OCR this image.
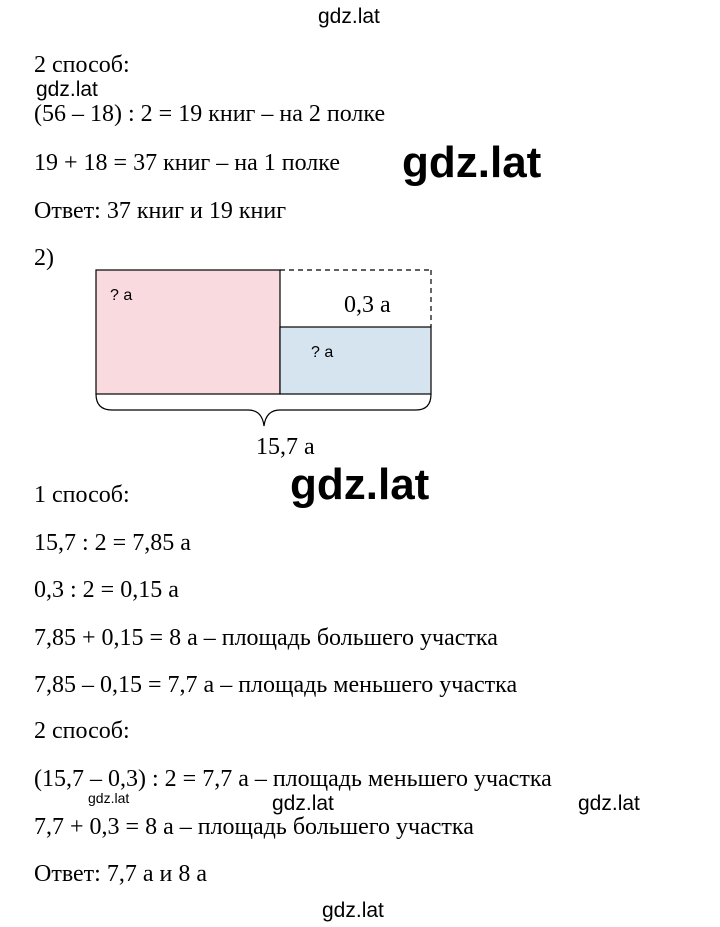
gdz.lat
gdz.lat
2 способ:
(56 – 18) : 2 = 19 книг – на 2 полке
19 + 18 = 37 книг – на 1 полке gdz.lat
Ответ: 37 книг и 19 книг
2)
? а	0,3 а
? а
15,7 а
gdz.lat
1 способ:
15,7 : 2 = 7,85 а
0,3 : 2 = 0,15 а
7,85 + 0,15 = 8 а – площадь большего участка
7,85 – 0,15 = 7,7 а – площадь меньшего участка
2 способ:
(15,7 – 0,3) : 2 = 7,7 а – площадь меньшего участка
gdz.lat	gdz.lat	gdz.lat
7,7 + 0,3 = 8 а – площадь большего участка
Ответ: 7,7 а и 8 а
gdz.lat
